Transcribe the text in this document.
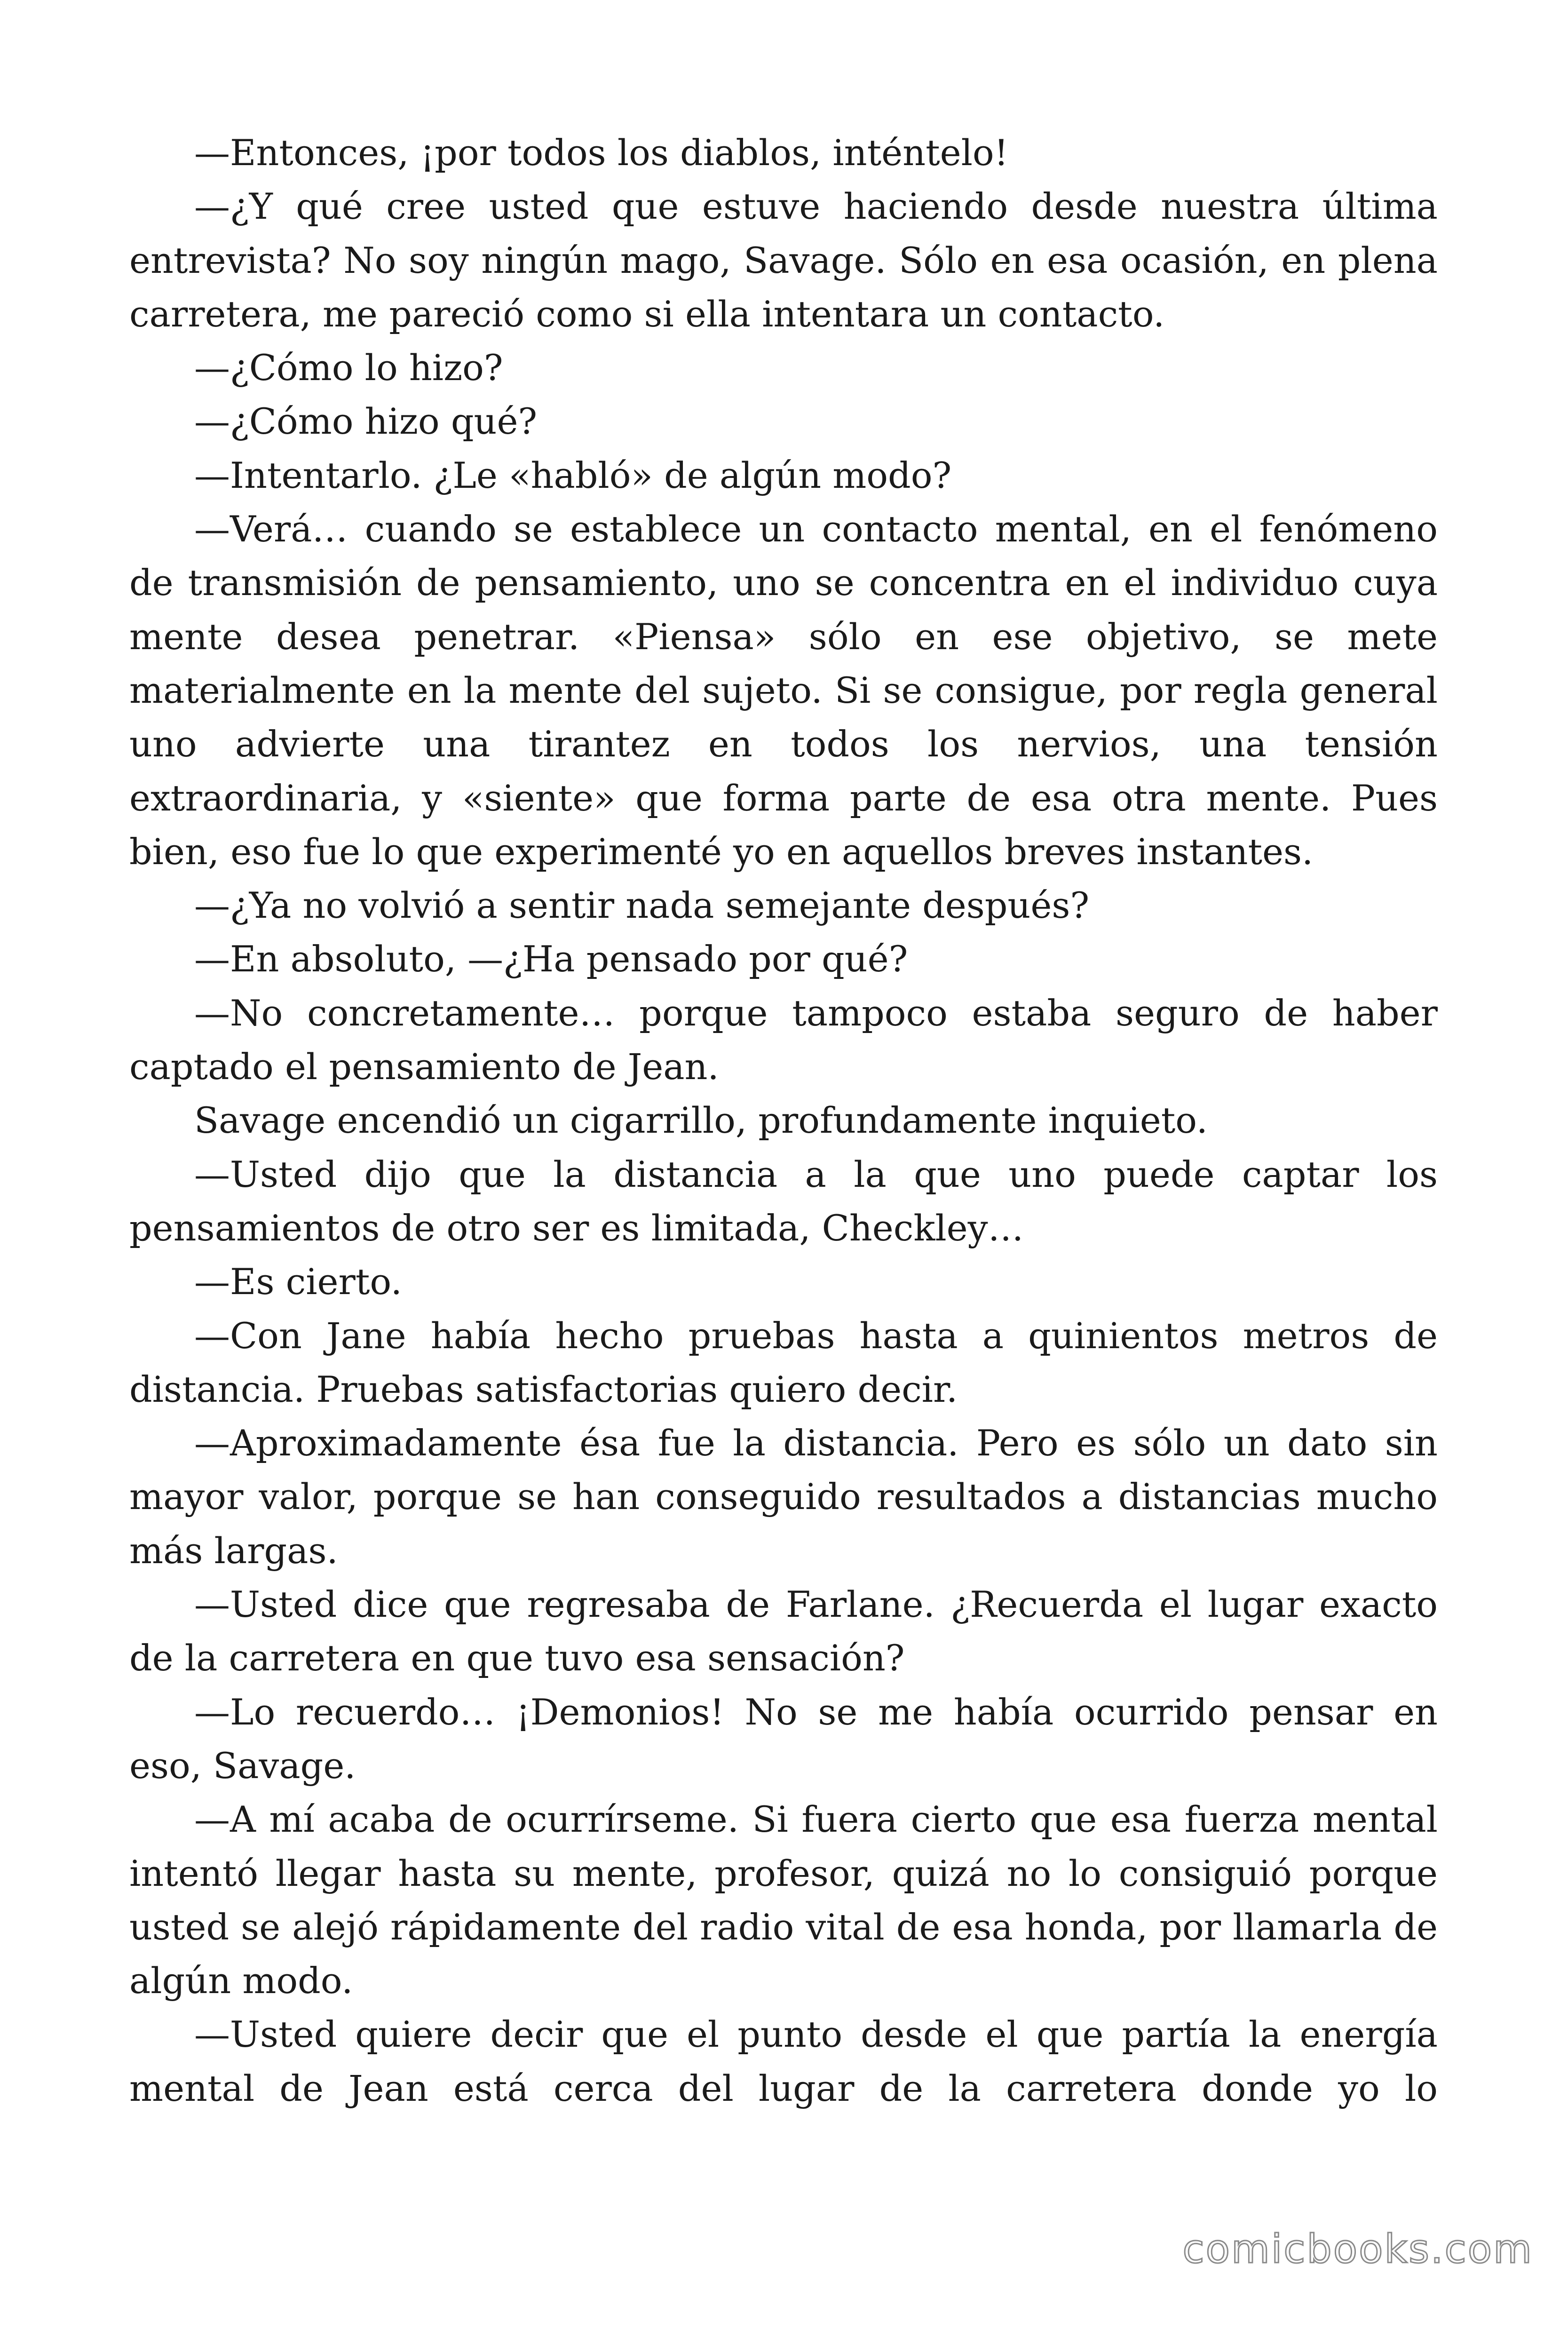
—Entonces, ¡por todos los diablos, inténtelo!

—¿Y qué cree usted que estuve haciendo desde nuestra última entrevista? No soy ningún mago, Savage. Sólo en esa ocasión, en plena carretera, me pareció como si ella intentara un contacto.

—¿Cómo lo hizo?

—¿Cómo hizo qué?

—Intentarlo. ¿Le «habló» de algún modo?

—Verá… cuando se establece un contacto mental, en el fenómeno de transmisión de pensamiento, uno se concentra en el individuo cuya mente desea penetrar. «Piensa» sólo en ese objetivo, se mete materialmente en la mente del sujeto. Si se consigue, por regla general uno advierte una tirantez en todos los nervios, una tensión extraordinaria, y «siente» que forma parte de esa otra mente. Pues bien, eso fue lo que experimenté yo en aquellos breves instantes.

—¿Ya no volvió a sentir nada semejante después?

—En absoluto, —¿Ha pensado por qué?

—No concretamente… porque tampoco estaba seguro de haber captado el pensamiento de Jean.

Savage encendió un cigarrillo, profundamente inquieto.

—Usted dijo que la distancia a la que uno puede captar los pensamientos de otro ser es limitada, Checkley…

—Es cierto.

—Con Jane había hecho pruebas hasta a quinientos metros de distancia. Pruebas satisfactorias quiero decir.

—Aproximadamente ésa fue la distancia. Pero es sólo un dato sin mayor valor, porque se han conseguido resultados a distancias mucho más largas.

—Usted dice que regresaba de Farlane. ¿Recuerda el lugar exacto de la carretera en que tuvo esa sensación?

—Lo recuerdo… ¡Demonios! No se me había ocurrido pensar en eso, Savage.

—A mí acaba de ocurrírseme. Si fuera cierto que esa fuerza mental intentó llegar hasta su mente, profesor, quizá no lo consiguió porque usted se alejó rápidamente del radio vital de esa honda, por llamarla de algún modo.

—Usted quiere decir que el punto desde el que partía la energía mental de Jean está cerca del lugar de la carretera donde yo lo

comicbooks.com
